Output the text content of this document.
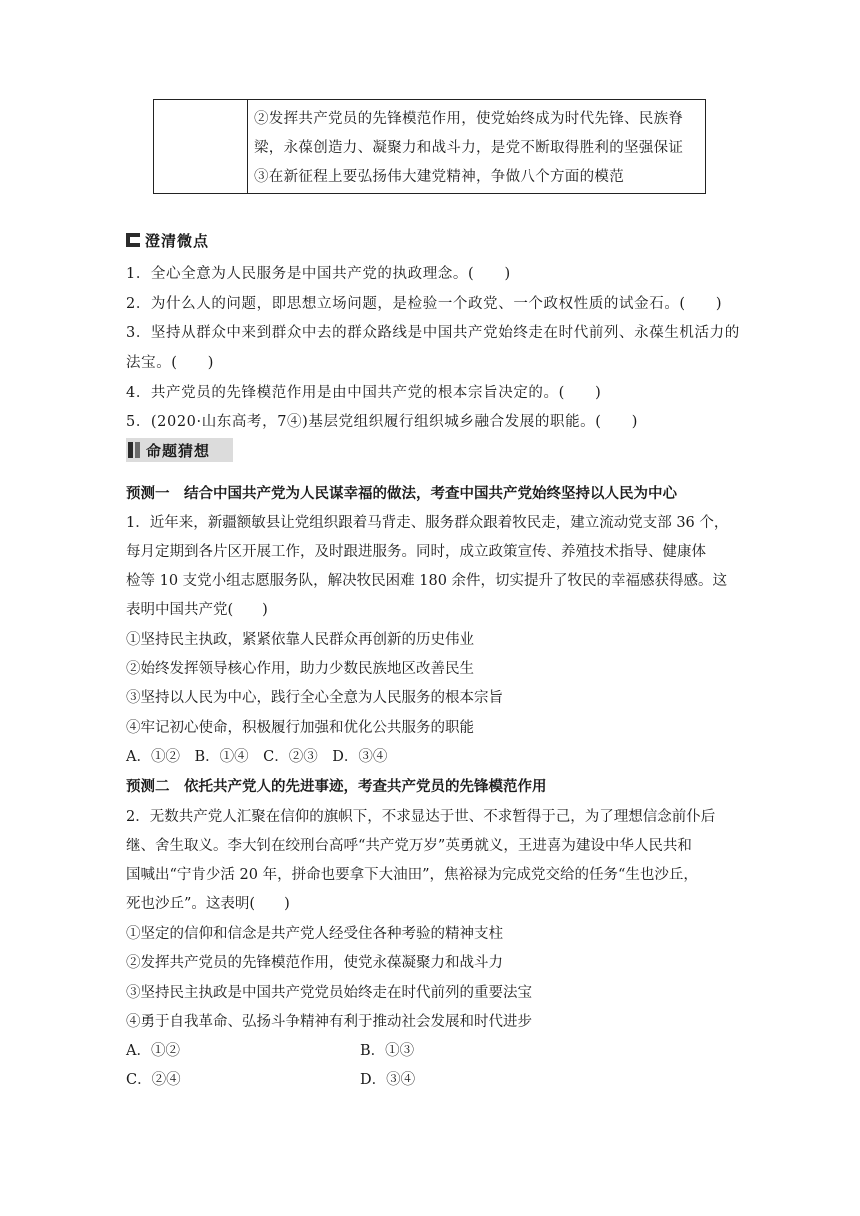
②发挥共产党员的先锋模范作用，使党始终成为时代先锋、民族脊
梁，永葆创造力、凝聚力和战斗力，是党不断取得胜利的坚强保证
③在新征程上要弘扬伟大建党精神，争做八个方面的模范
澄清微点
1．全心全意为人民服务是中国共产党的执政理念。(　　)
2．为什么人的问题，即思想立场问题，是检验一个政党、一个政权性质的试金石。(　　)
3．坚持从群众中来到群众中去的群众路线是中国共产党始终走在时代前列、永葆生机活力的
法宝。(　　)
4．共产党员的先锋模范作用是由中国共产党的根本宗旨决定的。(　　)
5．(2020·山东高考，7④)基层党组织履行组织城乡融合发展的职能。(　　)
命题猜想
预测一　结合中国共产党为人民谋幸福的做法，考查中国共产党始终坚持以人民为中心
1．近年来，新疆额敏县让党组织跟着马背走、服务群众跟着牧民走，建立流动党支部 36 个，
每月定期到各片区开展工作，及时跟进服务。同时，成立政策宣传、养殖技术指导、健康体
检等 10 支党小组志愿服务队，解决牧民困难 180 余件，切实提升了牧民的幸福感获得感。这
表明中国共产党(　　)
①坚持民主执政，紧紧依靠人民群众再创新的历史伟业
②始终发挥领导核心作用，助力少数民族地区改善民生
③坚持以人民为中心，践行全心全意为人民服务的根本宗旨
④牢记初心使命，积极履行加强和优化公共服务的职能
A．①②　B．①④　C．②③　D．③④
预测二　依托共产党人的先进事迹，考查共产党员的先锋模范作用
2．无数共产党人汇聚在信仰的旗帜下，不求显达于世、不求暂得于己，为了理想信念前仆后
继、舍生取义。李大钊在绞刑台高呼“共产党万岁”英勇就义，王进喜为建设中华人民共和
国喊出“宁肯少活 20 年，拼命也要拿下大油田”，焦裕禄为完成党交给的任务“生也沙丘，
死也沙丘”。这表明(　　)
①坚定的信仰和信念是共产党人经受住各种考验的精神支柱
②发挥共产党员的先锋模范作用，使党永葆凝聚力和战斗力
③坚持民主执政是中国共产党党员始终走在时代前列的重要法宝
④勇于自我革命、弘扬斗争精神有利于推动社会发展和时代进步
A．①②	B．①③
C．②④	D．③④
